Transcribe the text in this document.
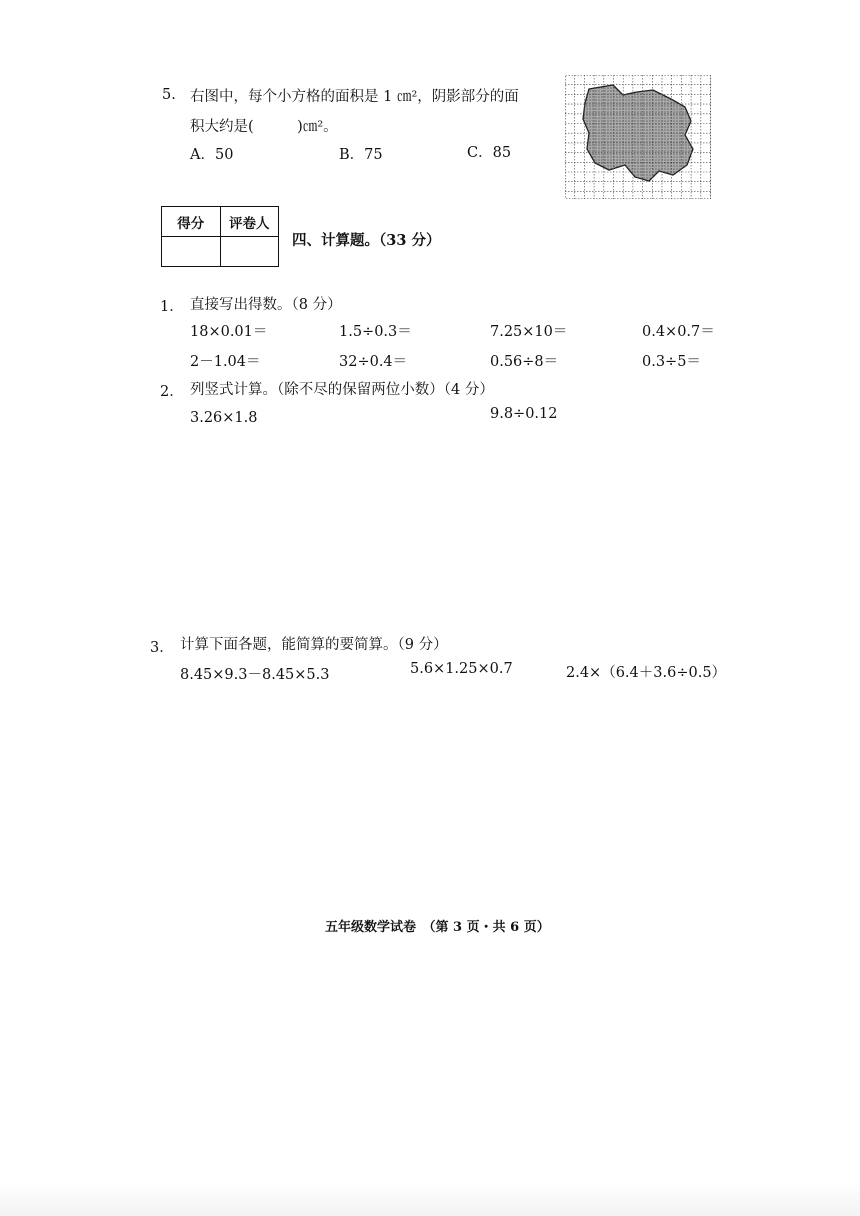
5. 右图中，每个小方格的面积是 1 ㎝²，阴影部分的面
积大约是(　　　)㎝²。
A．50	B．75	C．85
得分	评卷人

四、计算题。（33 分）
1． 直接写出得数。（8 分）
18×0.01＝	1.5÷0.3＝	7.25×10＝	0.4×0.7＝
2－1.04＝	32÷0.4＝	0.56÷8＝	0.3÷5＝
2． 列竖式计算。（除不尽的保留两位小数）（4 分）
3.26×1.8	9.8÷0.12
3． 计算下面各题，能简算的要简算。（9 分）
8.45×9.3－8.45×5.3	5.6×1.25×0.7	2.4×（6.4＋3.6÷0.5）
五年级数学试卷　（第 3 页・共 6 页）
